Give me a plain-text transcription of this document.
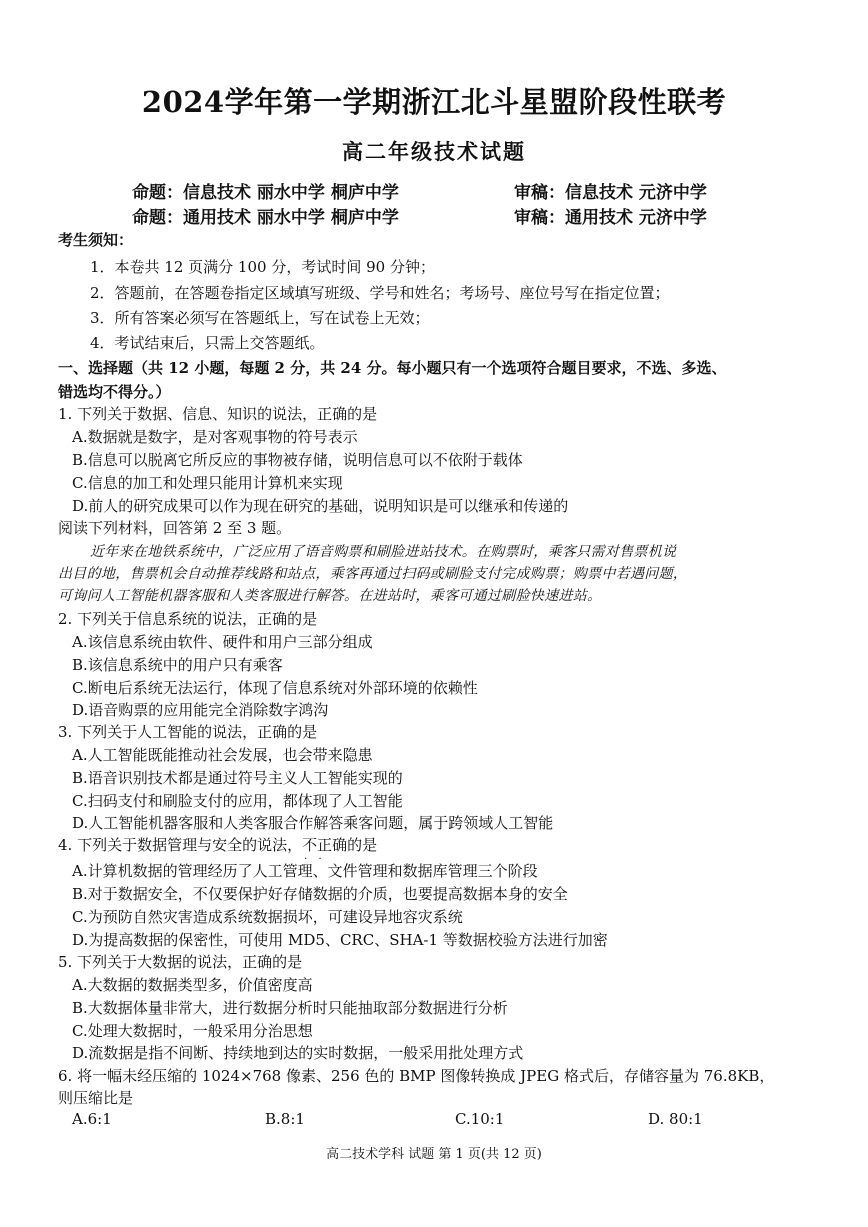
2024学年第一学期浙江北斗星盟阶段性联考
高二年级技术试题
命题：信息技术 丽水中学 桐庐中学	审稿：信息技术 元济中学
命题：通用技术 丽水中学 桐庐中学	审稿：通用技术 元济中学
考生须知：
1．本卷共 12 页满分 100 分，考试时间 90 分钟；
2．答题前，在答题卷指定区域填写班级、学号和姓名；考场号、座位号写在指定位置；
3．所有答案必须写在答题纸上，写在试卷上无效；
4．考试结束后，只需上交答题纸。
一、选择题（共 12 小题，每题 2 分，共 24 分。每小题只有一个选项符合题目要求，不选、多选、
错选均不得分。）
1. 下列关于数据、信息、知识的说法，正确的是
A.数据就是数字，是对客观事物的符号表示
B.信息可以脱离它所反应的事物被存储，说明信息可以不依附于载体
C.信息的加工和处理只能用计算机来实现
D.前人的研究成果可以作为现在研究的基础，说明知识是可以继承和传递的
阅读下列材料，回答第 2 至 3 题。
近年来在地铁系统中，广泛应用了语音购票和刷脸进站技术。在购票时，乘客只需对售票机说
出目的地，售票机会自动推荐线路和站点，乘客再通过扫码或刷脸支付完成购票；购票中若遇问题，
可询问人工智能机器客服和人类客服进行解答。在进站时，乘客可通过刷脸快速进站。
2. 下列关于信息系统的说法，正确的是
A.该信息系统由软件、硬件和用户三部分组成
B.该信息系统中的用户只有乘客
C.断电后系统无法运行，体现了信息系统对外部环境的依赖性
D.语音购票的应用能完全消除数字鸿沟
3. 下列关于人工智能的说法，正确的是
A.人工智能既能推动社会发展，也会带来隐患
B.语音识别技术都是通过符号主义人工智能实现的
C.扫码支付和刷脸支付的应用，都体现了人工智能
D.人工智能机器客服和人类客服合作解答乘客问题，属于跨领域人工智能
4. 下列关于数据管理与安全的说法，不正 · ·确的是
A.计算机数据的管理经历了人工管理、文件管理和数据库管理三个阶段
B.对于数据安全，不仅要保护好存储数据的介质，也要提高数据本身的安全
C.为预防自然灾害造成系统数据损坏，可建设异地容灾系统
D.为提高数据的保密性，可使用 MD5、CRC、SHA-1 等数据校验方法进行加密
5. 下列关于大数据的说法，正确的是
A.大数据的数据类型多，价值密度高
B.大数据体量非常大，进行数据分析时只能抽取部分数据进行分析
C.处理大数据时，一般采用分治思想
D.流数据是指不间断、持续地到达的实时数据，一般采用批处理方式
6. 将一幅未经压缩的 1024×768 像素、256 色的 BMP 图像转换成 JPEG 格式后，存储容量为 76.8KB，
则压缩比是
A.6:1	B.8:1	C.10:1	D. 80:1
高二技术学科 试题 第 1 页(共 12 页)
